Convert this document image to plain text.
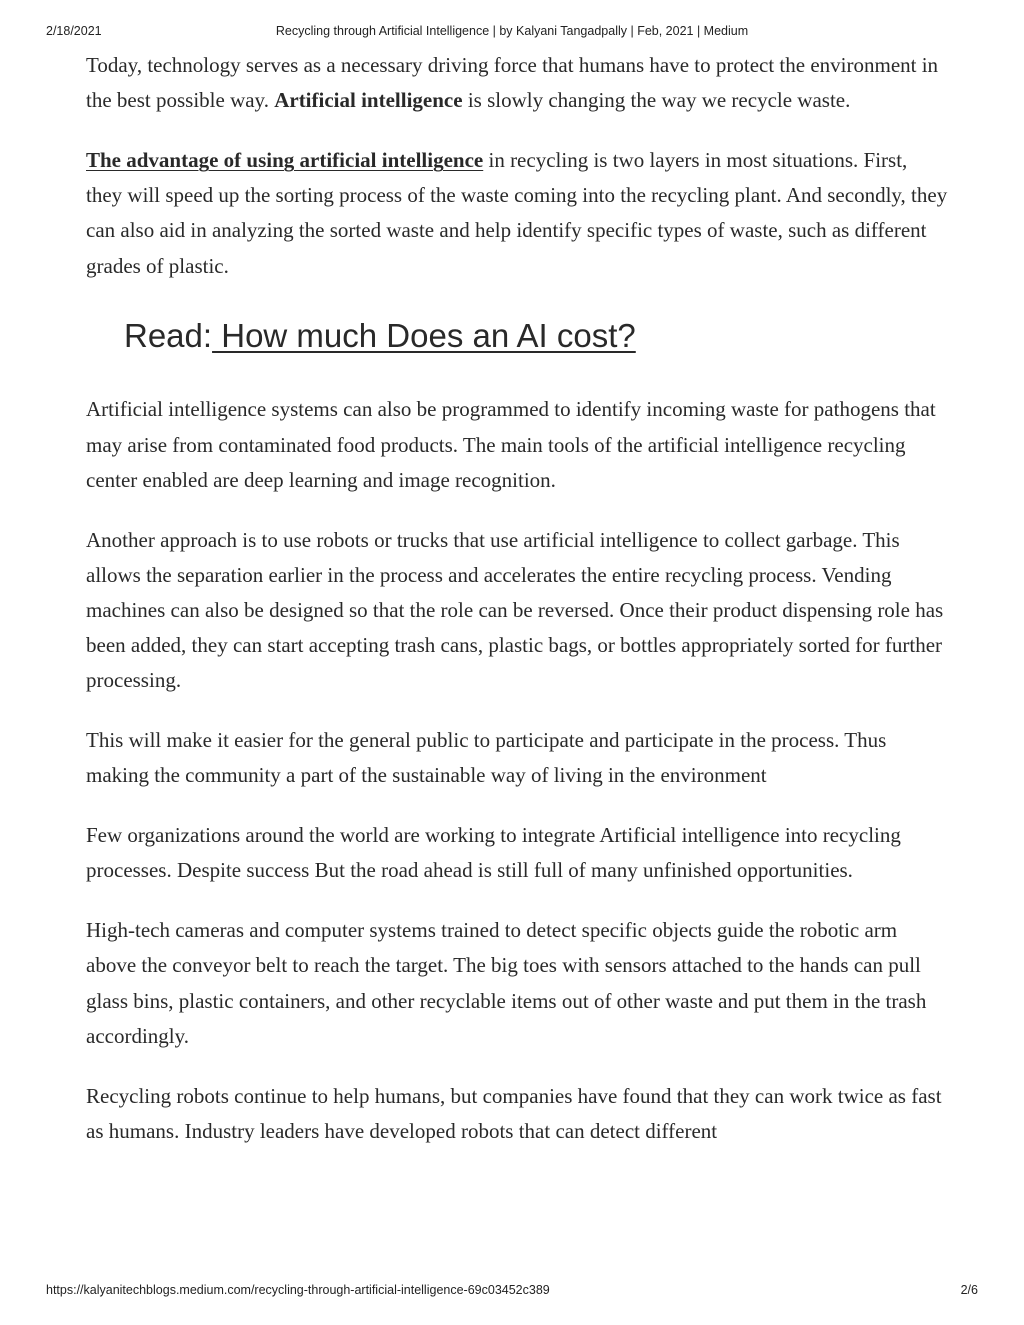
2/18/2021	Recycling through Artificial Intelligence | by Kalyani Tangadpally | Feb, 2021 | Medium

Today, technology serves as a necessary driving force that humans have to protect the environment in the best possible way. Artificial intelligence is slowly changing the way we recycle waste.

The advantage of using artificial intelligence in recycling is two layers in most situations. First, they will speed up the sorting process of the waste coming into the recycling plant. And secondly, they can also aid in analyzing the sorted waste and help identify specific types of waste, such as different grades of plastic.

Read: How much Does an AI cost?

Artificial intelligence systems can also be programmed to identify incoming waste for pathogens that may arise from contaminated food products. The main tools of the artificial intelligence recycling center enabled are deep learning and image recognition.

Another approach is to use robots or trucks that use artificial intelligence to collect garbage. This allows the separation earlier in the process and accelerates the entire recycling process. Vending machines can also be designed so that the role can be reversed. Once their product dispensing role has been added, they can start accepting trash cans, plastic bags, or bottles appropriately sorted for further processing.

This will make it easier for the general public to participate and participate in the process. Thus making the community a part of the sustainable way of living in the environment

Few organizations around the world are working to integrate Artificial intelligence into recycling processes. Despite success But the road ahead is still full of many unfinished opportunities.

High-tech cameras and computer systems trained to detect specific objects guide the robotic arm above the conveyor belt to reach the target. The big toes with sensors attached to the hands can pull glass bins, plastic containers, and other recyclable items out of other waste and put them in the trash accordingly.

Recycling robots continue to help humans, but companies have found that they can work twice as fast as humans. Industry leaders have developed robots that can detect different

https://kalyanitechblogs.medium.com/recycling-through-artificial-intelligence-69c03452c389	2/6
